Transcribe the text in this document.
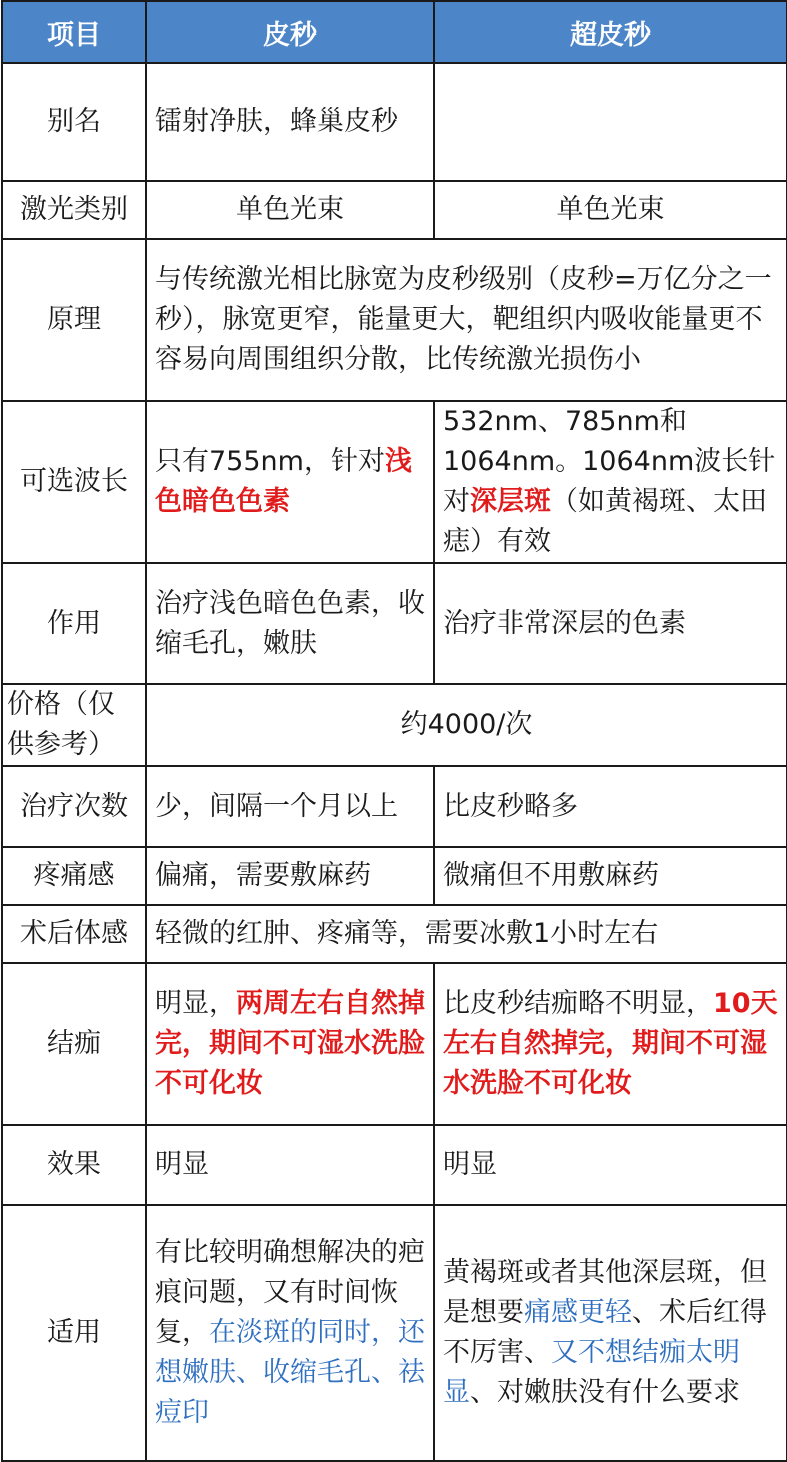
项目	皮秒	超皮秒
别名	镭射净肤，蜂巢皮秒	
激光类别	单色光束	单色光束
原理	与传统激光相比脉宽为皮秒级别（皮秒=万亿分之一秒），脉宽更窄，能量更大，靶组织内吸收能量更不容易向周围组织分散，比传统激光损伤小	
可选波长	只有755nm，针对浅色暗色色素	532nm、785nm和1064nm。1064nm波长针对深层斑（如黄褐斑、太田痣）有效
作用	治疗浅色暗色色素，收缩毛孔，嫩肤	治疗非常深层的色素
价格（仅供参考）	约4000/次	
治疗次数	少，间隔一个月以上	比皮秒略多
疼痛感	偏痛，需要敷麻药	微痛但不用敷麻药
术后体感	轻微的红肿、疼痛等，需要冰敷1小时左右	
结痂	明显，两周左右自然掉完，期间不可湿水洗脸不可化妆	比皮秒结痂略不明显，10天左右自然掉完，期间不可湿水洗脸不可化妆
效果	明显	明显
适用	有比较明确想解决的疤痕问题，又有时间恢复，在淡斑的同时，还想嫩肤、收缩毛孔、祛痘印	黄褐斑或者其他深层斑，但是想要痛感更轻、术后红得不厉害、又不想结痂太明显、对嫩肤没有什么要求
